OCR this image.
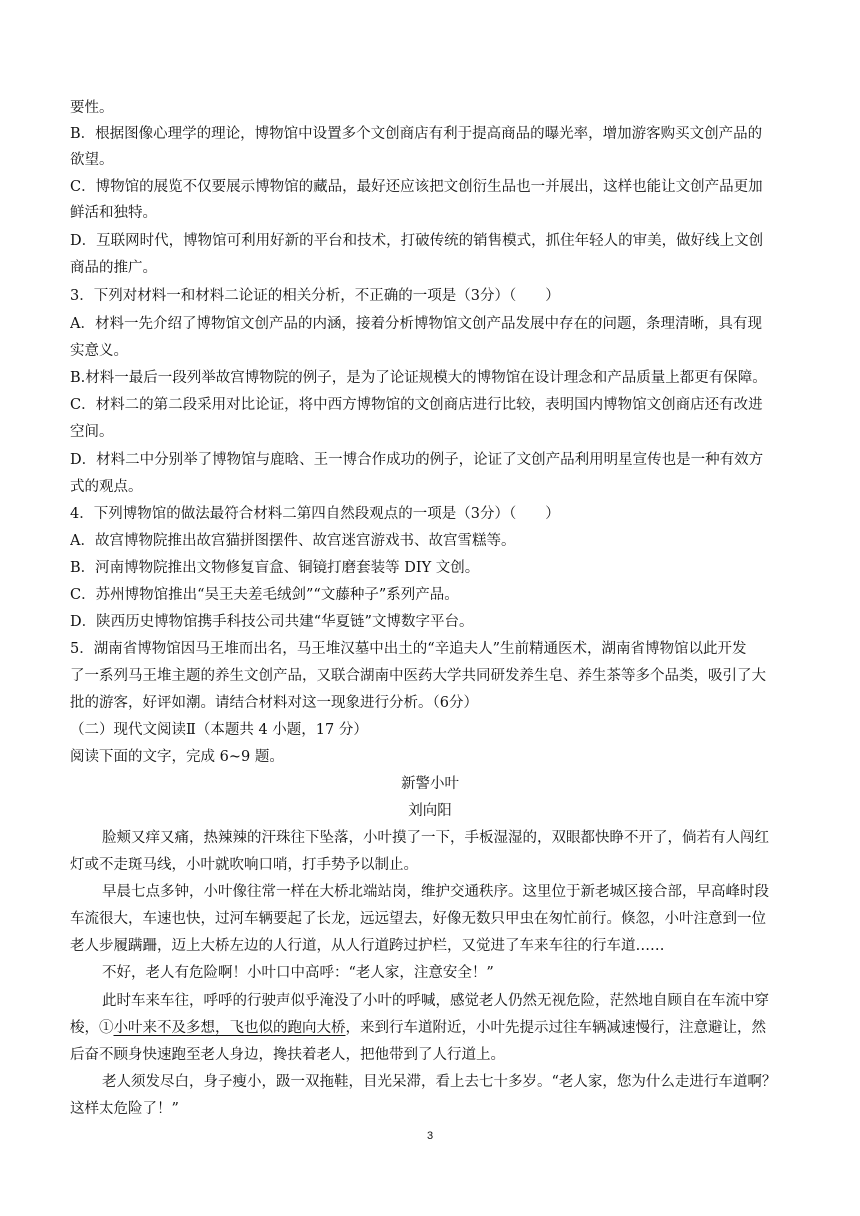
要性。
B．根据图像心理学的理论，博物馆中设置多个文创商店有利于提高商品的曝光率，增加游客购买文创产品的
欲望。
C．博物馆的展览不仅要展示博物馆的藏品，最好还应该把文创衍生品也一并展出，这样也能让文创产品更加
鲜活和独特。
D．互联网时代，博物馆可利用好新的平台和技术，打破传统的销售模式，抓住年轻人的审美，做好线上文创
商品的推广。
3．下列对材料一和材料二论证的相关分析，不正确的一项是（3分）（　　）
A．材料一先介绍了博物馆文创产品的内涵，接着分析博物馆文创产品发展中存在的问题，条理清晰，具有现
实意义。
B.材料一最后一段列举故宫博物院的例子，是为了论证规模大的博物馆在设计理念和产品质量上都更有保障。
C．材料二的第二段采用对比论证，将中西方博物馆的文创商店进行比较，表明国内博物馆文创商店还有改进
空间。
D．材料二中分别举了博物馆与鹿晗、王一博合作成功的例子，论证了文创产品利用明星宣传也是一种有效方
式的观点。
4．下列博物馆的做法最符合材料二第四自然段观点的一项是（3分）（　　）
A．故宫博物院推出故宫猫拼图摆件、故宫迷宫游戏书、故宫雪糕等。
B．河南博物院推出文物修复盲盒、铜镜打磨套装等 DIY 文创。
C．苏州博物馆推出“吴王夫差毛绒剑”“文藤种子”系列产品。
D．陕西历史博物馆携手科技公司共建“华夏链”文博数字平台。
5．湖南省博物馆因马王堆而出名，马王堆汉墓中出土的“辛追夫人”生前精通医术，湖南省博物馆以此开发
了一系列马王堆主题的养生文创产品，又联合湖南中医药大学共同研发养生皂、养生茶等多个品类，吸引了大
批的游客，好评如潮。请结合材料对这一现象进行分析。（6分）
（二）现代文阅读Ⅱ（本题共 4 小题，17 分）
阅读下面的文字，完成 6~9 题。
新警小叶
刘向阳
脸颊又痒又痛，热辣辣的汗珠往下坠落，小叶摸了一下，手板湿湿的，双眼都快睁不开了，倘若有人闯红
灯或不走斑马线，小叶就吹响口哨，打手势予以制止。
早晨七点多钟，小叶像往常一样在大桥北端站岗，维护交通秩序。这里位于新老城区接合部，早高峰时段
车流很大，车速也快，过河车辆要起了长龙，远远望去，好像无数只甲虫在匆忙前行。倏忽，小叶注意到一位
老人步履蹒跚，迈上大桥左边的人行道，从人行道跨过护栏，又觉进了车来车往的行车道……
不好，老人有危险啊！小叶口中高呼：“老人家，注意安全！”
此时车来车往，呼呼的行驶声似乎淹没了小叶的呼喊，感觉老人仍然无视危险，茫然地自顾自在车流中穿
梭，①小叶来不及多想，飞也似的跑向大桥，来到行车道附近，小叶先提示过往车辆减速慢行，注意避让，然
后奋不顾身快速跑至老人身边，搀扶着老人，把他带到了人行道上。
老人须发尽白，身子瘦小，趿一双拖鞋，目光呆滞，看上去七十多岁。“老人家，您为什么走进行车道啊？
这样太危险了！”
3
